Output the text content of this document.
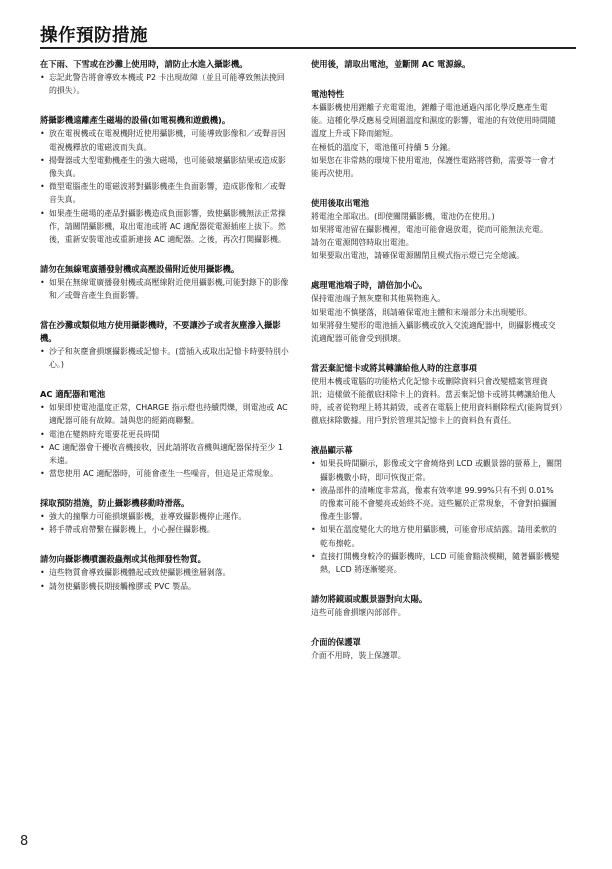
操作預防措施

在下雨、下雪或在沙灘上使用時，請防止水進入攝影機。

• 忘記此警告將會導致本機或 P2 卡出現故障（並且可能導致無法挽回的損失）。

將攝影機遠離產生磁場的設備(如電視機和遊戲機)。

• 放在電視機或在電視機附近使用攝影機，可能導致影像和／或聲音因電視機釋放的電磁波而失真。
• 揚聲器或大型電動機產生的強大磁場，也可能破壞攝影結果或造成影像失真。
• 微型電腦產生的電磁波將對攝影機產生負面影響，造成影像和／或聲音失真。
• 如果產生磁場的產品對攝影機造成負面影響，致使攝影機無法正常操作，請關閉攝影機，取出電池或將 AC 適配器從電源插座上拔下。然後，重新安裝電池或重新連接 AC 適配器。之後，再次打開攝影機。

請勿在無線電廣播發射機或高壓設備附近使用攝影機。

• 如果在無線電廣播發射機或高壓線附近使用攝影機,可能對錄下的影像和／或聲音產生負面影響。

當在沙灘或類似地方使用攝影機時，不要讓沙子或者灰塵滲入攝影機。

• 沙子和灰塵會損壞攝影機或記憶卡。(當插入或取出記憶卡時要特別小心。)

AC 適配器和電池

• 如果即使電池溫度正常，CHARGE 指示燈也持續閃爍，則電池或 AC 適配器可能有故障。請與您的經銷商聯繫。
• 電池在變熱時充電要花更長時間
• AC 適配器會干擾收音機接收，因此請將收音機與適配器保持至少 1 米遠。
• 當您使用 AC 適配器時，可能會產生一些噪音，但這是正常現象。

採取預防措施，防止攝影機移動時滑落。

• 強大的撞擊力可能損壞攝影機，並導致攝影機停止運作。
• 將手帶或肩帶繫在攝影機上，小心握住攝影機。

請勿向攝影機噴灑殺蟲劑或其他揮發性物質。

• 這些物質會導致攝影機體起或致使攝影機塗層剝落。
• 請勿使攝影機長期接觸橡膠或 PVC 製品。

使用後，請取出電池，並斷開 AC 電源線。

電池特性

本攝影機使用鋰離子充電電池，鋰離子電池通過內部化學反應產生電能。這種化學反應易受周圍溫度和濕度的影響，電池的有效使用時間隨溫度上升或下降而縮短。

在極低的溫度下，電池僅可持續 5 分鐘。

如果您在非常熱的環境下使用電池，保護性電路將啓動，需要等一會才能再次使用。

使用後取出電池

將電池全部取出。(即使關閉攝影機，電池仍在使用。)

如果將電池留在攝影機裡，電池可能會過放電，從而可能無法充電。

請勿在電源開啓時取出電池。

如果要取出電池，請確保電源關閉且模式指示燈已完全熄滅。

處理電池端子時，請倍加小心。

保持電池端子無灰塵和其他異物進入。

如果電池不慎墜落，則請確保電池主體和末端部分未出現變形。

如果將發生變形的電池插入攝影機或放入交流適配器中，則攝影機或交流適配器可能會受到損壞。

當丟棄記憶卡或將其轉讓給他人時的注意事項

使用本機或電腦的功能格式化記憶卡或刪除資料只會改變檔案管理資訊；這樣做不能徹底抹除卡上的資料。當丟棄記憶卡或將其轉讓給他人時，或者從物理上將其銷毀，或者在電腦上使用資料刪除程式(能夠買到）徹底抹除數據。用戶對於管理其記憶卡上的資料負有責任。

液晶顯示幕

• 如果長時間顯示，影像或文字會燒烙到 LCD 或觀景器的螢幕上，關閉攝影機數小時，即可恢復正常。
• 液晶部件的清晰度非常高，像素有效率達 99.99%只有不到 0.01% 的像素可能不會變亮或始終不亮。這些屬於正常現象，不會對拍攝圖像產生影響。
• 如果在溫度變化大的地方使用攝影機，可能會形成結露。請用柔軟的乾布擦乾。
• 直接打開機身較冷的攝影機時，LCD 可能會黯淡模糊，隨著攝影機變熱，LCD 將逐漸變亮。

請勿將鏡頭或觀景器對向太陽。

這些可能會損壞內部部件。

介面的保護罩

介面不用時，裝上保護罩。

8
